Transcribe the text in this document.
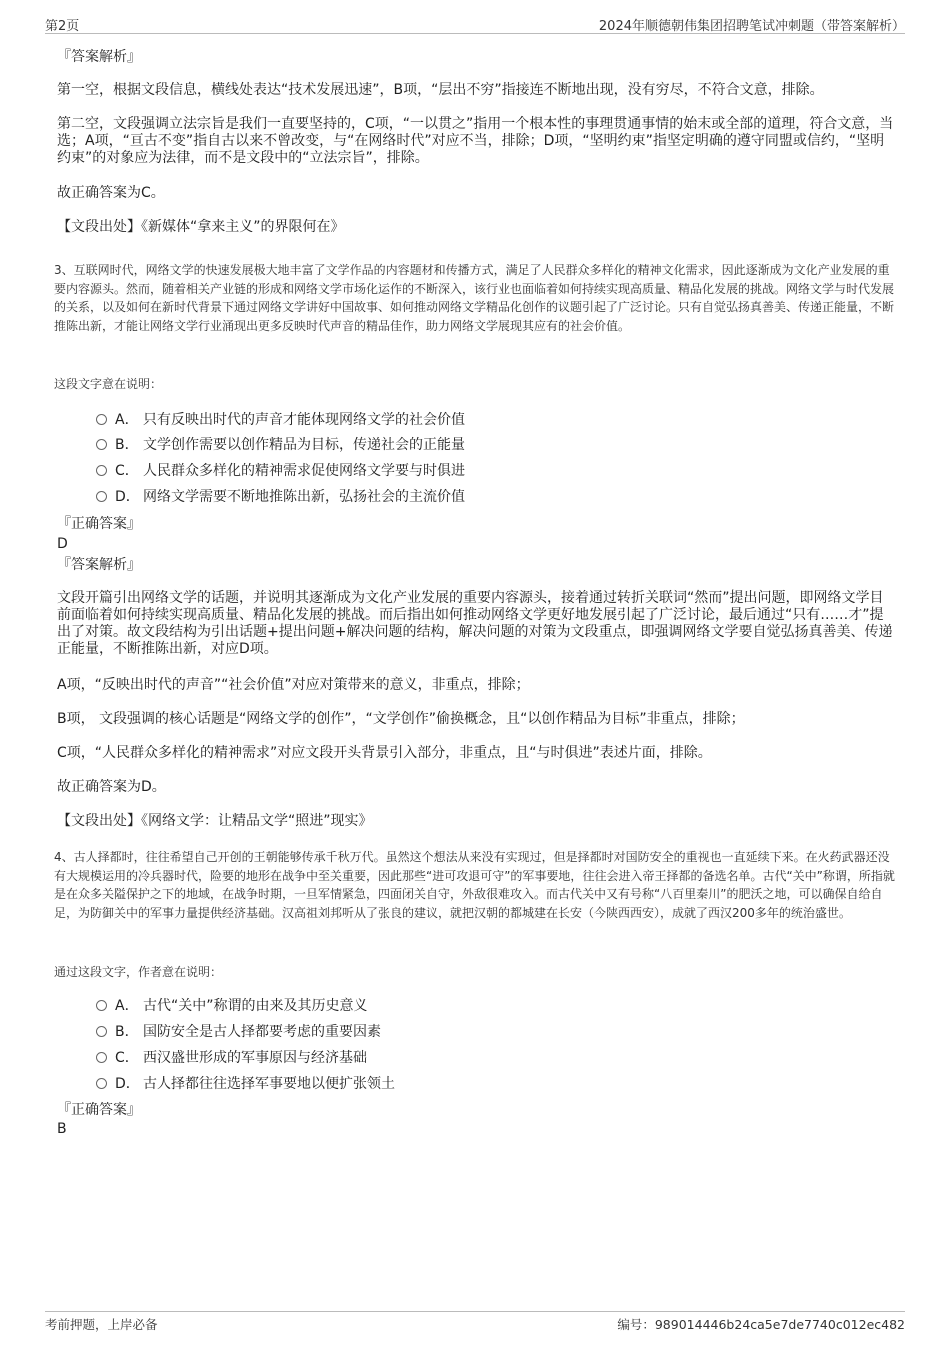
第2页	2024年顺德朝伟集团招聘笔试冲刺题（带答案解析）
『答案解析』
第一空，根据文段信息，横线处表达“技术发展迅速”，B项，“层出不穷”指接连不断地出现，没有穷尽，不符合文意，排除。
第二空，文段强调立法宗旨是我们一直要坚持的，C项，“一以贯之”指用一个根本性的事理贯通事情的始末或全部的道理，符合文意，当选；A项，“亘古不变”指自古以来不曾改变，与“在网络时代”对应不当，排除；D项，“坚明约束”指坚定明确的遵守同盟或信约，“坚明约束”的对象应为法律，而不是文段中的“立法宗旨”，排除。
故正确答案为C。
【文段出处】《新媒体“拿来主义”的界限何在》
3、互联网时代，网络文学的快速发展极大地丰富了文学作品的内容题材和传播方式，满足了人民群众多样化的精神文化需求，因此逐渐成为文化产业发展的重要内容源头。然而，随着相关产业链的形成和网络文学市场化运作的不断深入，该行业也面临着如何持续实现高质量、精品化发展的挑战。网络文学与时代发展的关系，以及如何在新时代背景下通过网络文学讲好中国故事、如何推动网络文学精品化创作的议题引起了广泛讨论。只有自觉弘扬真善美、传递正能量，不断推陈出新，才能让网络文学行业涌现出更多反映时代声音的精品佳作，助力网络文学展现其应有的社会价值。
这段文字意在说明：
A． 只有反映出时代的声音才能体现网络文学的社会价值
B． 文学创作需要以创作精品为目标，传递社会的正能量
C． 人民群众多样化的精神需求促使网络文学要与时俱进
D． 网络文学需要不断地推陈出新，弘扬社会的主流价值
『正确答案』
D
『答案解析』
文段开篇引出网络文学的话题，并说明其逐渐成为文化产业发展的重要内容源头，接着通过转折关联词“然而”提出问题，即网络文学目前面临着如何持续实现高质量、精品化发展的挑战。而后指出如何推动网络文学更好地发展引起了广泛讨论，最后通过“只有……才”提出了对策。故文段结构为引出话题+提出问题+解决问题的结构，解决问题的对策为文段重点，即强调网络文学要自觉弘扬真善美、传递正能量，不断推陈出新，对应D项。
A项，“反映出时代的声音”“社会价值”对应对策带来的意义，非重点，排除；
B项， 文段强调的核心话题是“网络文学的创作”，“文学创作”偷换概念，且“以创作精品为目标”非重点，排除；
C项，“人民群众多样化的精神需求”对应文段开头背景引入部分，非重点，且“与时俱进”表述片面，排除。
故正确答案为D。
【文段出处】《网络文学：让精品文学“照进”现实》
4、古人择都时，往往希望自己开创的王朝能够传承千秋万代。虽然这个想法从来没有实现过，但是择都时对国防安全的重视也一直延续下来。在火药武器还没有大规模运用的冷兵器时代，险要的地形在战争中至关重要，因此那些“进可攻退可守”的军事要地，往往会进入帝王择都的备选名单。古代“关中”称谓，所指就是在众多关隘保护之下的地域，在战争时期，一旦军情紧急，四面闭关自守，外敌很难攻入。而古代关中又有号称“八百里秦川”的肥沃之地，可以确保自给自足，为防御关中的军事力量提供经济基础。汉高祖刘邦听从了张良的建议，就把汉朝的都城建在长安（今陕西西安），成就了西汉200多年的统治盛世。
通过这段文字，作者意在说明：
A． 古代“关中”称谓的由来及其历史意义
B． 国防安全是古人择都要考虑的重要因素
C． 西汉盛世形成的军事原因与经济基础
D． 古人择都往往选择军事要地以便扩张领土
『正确答案』
B
考前押题，上岸必备	编号：989014446b24ca5e7de7740c012ec482
